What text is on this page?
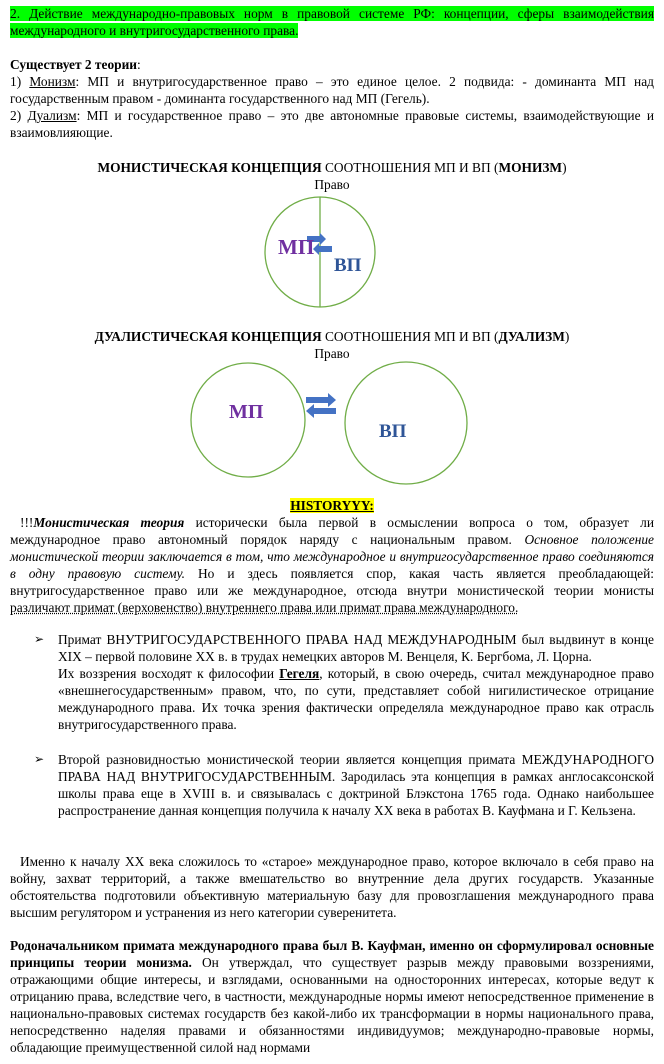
2. Действие международно-правовых норм в правовой системе РФ: концепции, сферы взаимодействия международного и внутригосударственного права.

Существует 2 теории:

1) Монизм: МП и внутригосударственное право – это единое целое. 2 подвида: - доминанта МП над государственным правом - доминанта государственного над МП (Гегель).

2) Дуализм: МП и государственное право – это две автономные правовые системы, взаимодействующие и взаимовлияющие.

МОНИСТИЧЕСКАЯ КОНЦЕПЦИЯ СООТНОШЕНИЯ МП И ВП (МОНИЗМ)

Право

МП
ВП

ДУАЛИСТИЧЕСКАЯ КОНЦЕПЦИЯ СООТНОШЕНИЯ МП И ВП (ДУАЛИЗМ)

Право

МП
ВП

HISTORYYY:

!!!Монистическая теория исторически была первой в осмыслении вопроса о том, образует ли международное право автономный порядок наряду с национальным правом. Основное положение монистической теории заключается в том, что международное и внутригосударственное право соединяются в одну правовую систему. Но и здесь появляется спор, какая часть является преобладающей: внутригосударственное право или же международное, отсюда внутри монистической теории монисты различают примат (верховенство) внутреннего права или примат права международного.

➢ Примат ВНУТРИГОСУДАРСТВЕННОГО ПРАВА НАД МЕЖДУНАРОДНЫМ был выдвинут в конце XIX – первой половине XX в. в трудах немецких авторов М. Венцеля, К. Бергбома, Л. Цорна.
Их воззрения восходят к философии Гегеля, который, в свою очередь, считал международное право «внешнегосударственным» правом, что, по сути, представляет собой нигилистическое отрицание международного права. Их точка зрения фактически определяла международное право как отрасль внутригосударственного права.
➢ Второй разновидностью монистической теории является концепция примата МЕЖДУНАРОДНОГО ПРАВА НАД ВНУТРИГОСУДАРСТВЕННЫМ. Зародилась эта концепция в рамках англосаксонской школы права еще в XVIII в. и связывалась с доктриной Блэкстона 1765 года. Однако наибольшее распространение данная концепция получила к началу XX века в работах В. Кауфмана и Г. Кельзена.

Именно к началу XX века сложилось то «старое» международное право, которое включало в себя право на войну, захват территорий, а также вмешательство во внутренние дела других государств. Указанные обстоятельства подготовили объективную материальную базу для провозглашения международного права высшим регулятором и устранения из него категории суверенитета.

Родоначальником примата международного права был В. Кауфман, именно он сформулировал основные принципы теории монизма. Он утверждал, что существует разрыв между правовыми воззрениями, отражающими общие интересы, и взглядами, основанными на односторонних интересах, которые ведут к отрицанию права, вследствие чего, в частности, международные нормы имеют непосредственное применение в национально-правовых системах государств без какой-либо их трансформации в нормы национального права, непосредственно наделяя правами и обязанностями индивидуумов; международно-правовые нормы, обладающие преимущественной силой над нормами
